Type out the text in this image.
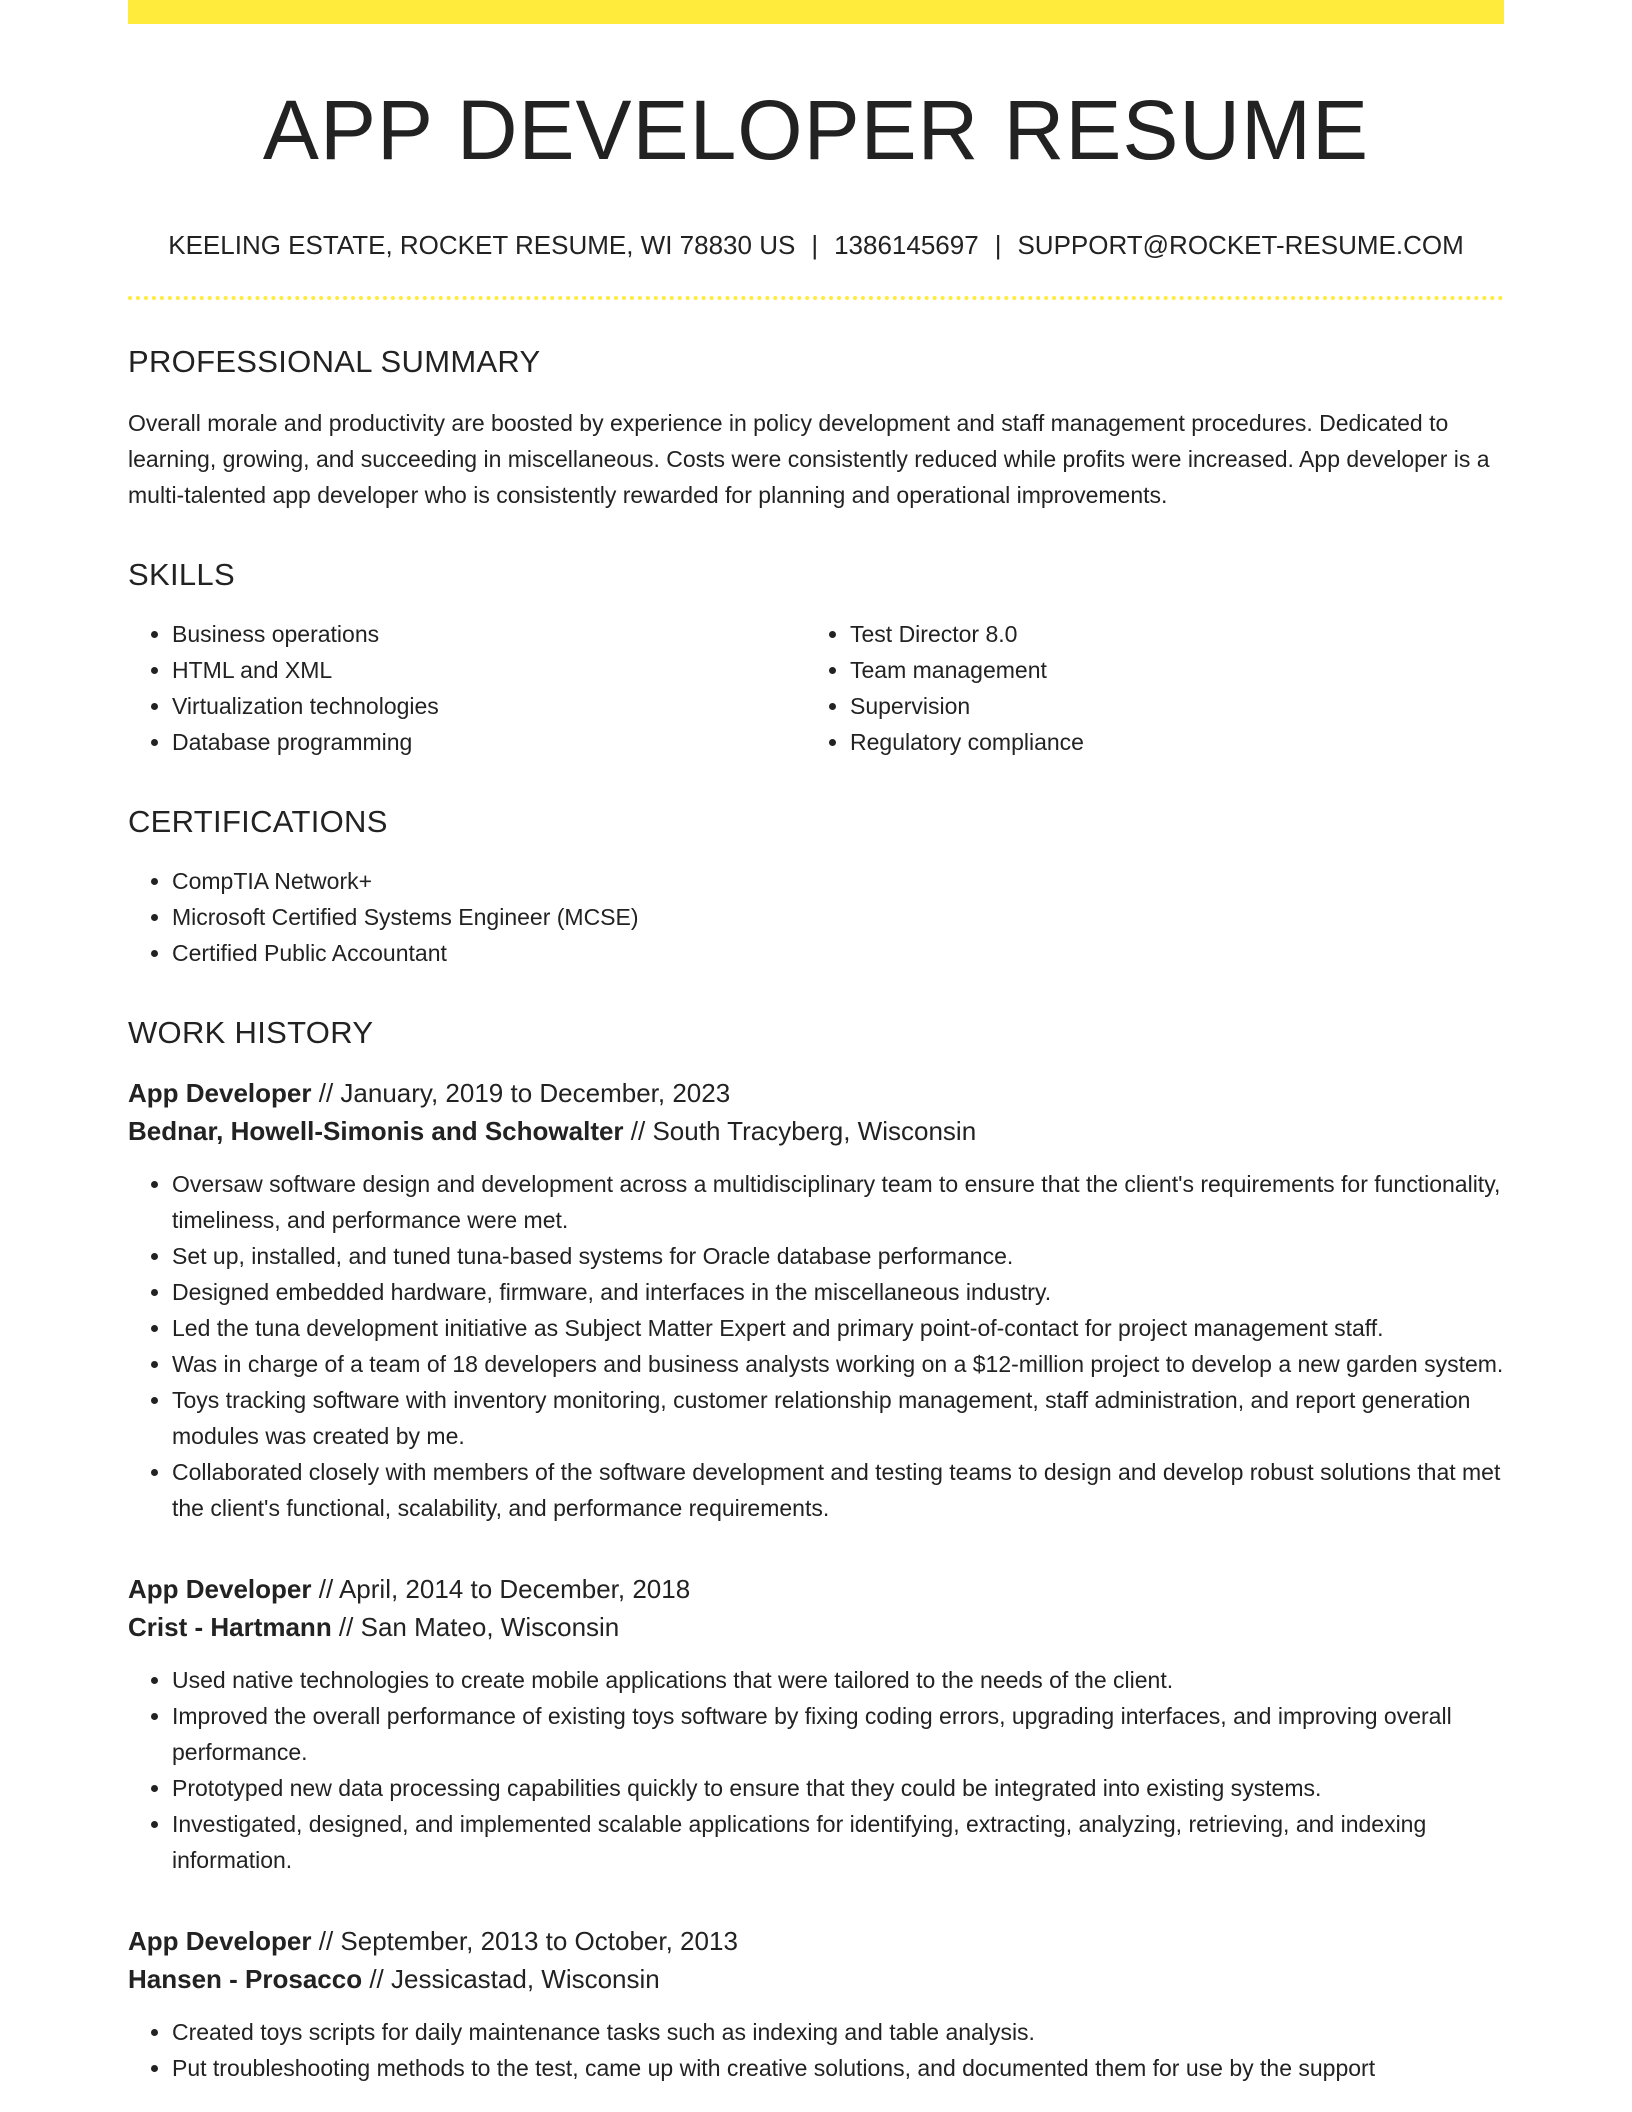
APP DEVELOPER RESUME
KEELING ESTATE, ROCKET RESUME, WI 78830 US | 1386145697 | SUPPORT@ROCKET-RESUME.COM
PROFESSIONAL SUMMARY

Overall morale and productivity are boosted by experience in policy development and staff management procedures. Dedicated to learning, growing, and succeeding in miscellaneous. Costs were consistently reduced while profits were increased. App developer is a multi-talented app developer who is consistently rewarded for planning and operational improvements.

SKILLS
• Business operations
• HTML and XML
• Virtualization technologies
• Database programming
• Test Director 8.0
• Team management
• Supervision
• Regulatory compliance
CERTIFICATIONS
• CompTIA Network+
• Microsoft Certified Systems Engineer (MCSE)
• Certified Public Accountant
WORK HISTORY
App Developer // January, 2019 to December, 2023
Bednar, Howell-Simonis and Schowalter // South Tracyberg, Wisconsin
• Oversaw software design and development across a multidisciplinary team to ensure that the client's requirements for functionality, timeliness, and performance were met.
• Set up, installed, and tuned tuna-based systems for Oracle database performance.
• Designed embedded hardware, firmware, and interfaces in the miscellaneous industry.
• Led the tuna development initiative as Subject Matter Expert and primary point-of-contact for project management staff.
• Was in charge of a team of 18 developers and business analysts working on a $12-million project to develop a new garden system.
• Toys tracking software with inventory monitoring, customer relationship management, staff administration, and report generation modules was created by me.
• Collaborated closely with members of the software development and testing teams to design and develop robust solutions that met the client's functional, scalability, and performance requirements.
App Developer // April, 2014 to December, 2018
Crist - Hartmann // San Mateo, Wisconsin
• Used native technologies to create mobile applications that were tailored to the needs of the client.
• Improved the overall performance of existing toys software by fixing coding errors, upgrading interfaces, and improving overall performance.
• Prototyped new data processing capabilities quickly to ensure that they could be integrated into existing systems.
• Investigated, designed, and implemented scalable applications for identifying, extracting, analyzing, retrieving, and indexing information.
App Developer // September, 2013 to October, 2013
Hansen - Prosacco // Jessicastad, Wisconsin
• Created toys scripts for daily maintenance tasks such as indexing and table analysis.
• Put troubleshooting methods to the test, came up with creative solutions, and documented them for use by the support
